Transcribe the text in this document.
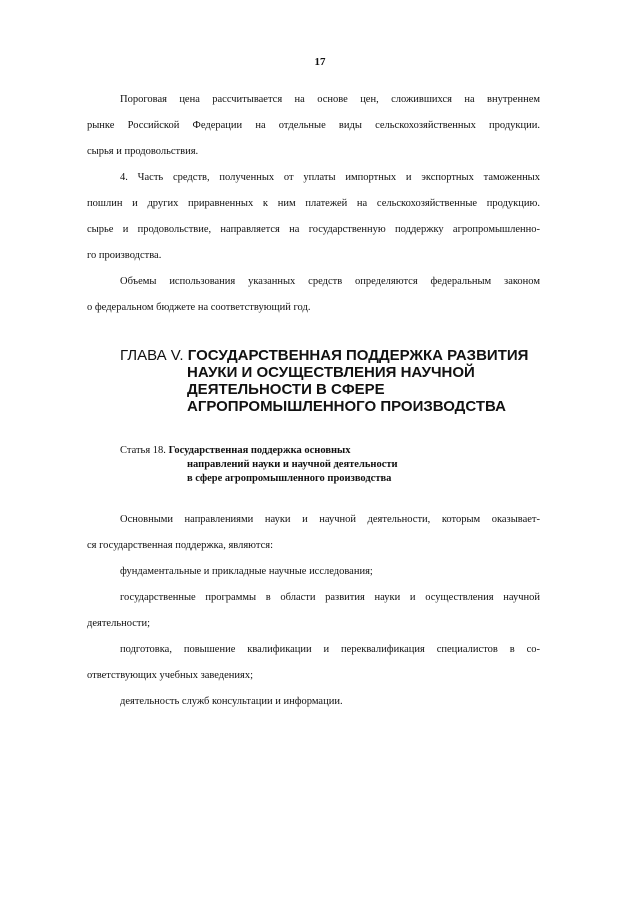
17
Пороговая цена рассчитывается на основе цен, сложившихся на внутреннем
рынке Российской Федерации на отдельные виды сельскохозяйственных продукции.
сырья и продовольствия.
4. Часть средств, полученных от уплаты импортных и экспортных таможенных
пошлин и других приравненных к ним платежей на сельскохозяйственные продукцию.
сырье и продовольствие, направляется на государственную поддержку агропромышленно-
го производства.
Объемы использования указанных средств определяются федеральным законом
о федеральном бюджете на соответствующий год.
ГЛАВА V. ГОСУДАРСТВЕННАЯ ПОДДЕРЖКА РАЗВИТИЯ
НАУКИ И ОСУЩЕСТВЛЕНИЯ НАУЧНОЙ
ДЕЯТЕЛЬНОСТИ В СФЕРЕ
АГРОПРОМЫШЛЕННОГО ПРОИЗВОДСТВА
Статья 18. Государственная поддержка основных
направлений науки и научной деятельности
в сфере агропромышленного производства
Основными направлениями науки и научной деятельности, которым оказывает-
ся государственная поддержка, являются:
фундаментальные и прикладные научные исследования;
государственные программы в области развития науки и осуществления научной
деятельности;
подготовка, повышение квалификации и переквалификация специалистов в со-
ответствующих учебных заведениях;
деятельность служб консультации и информации.
